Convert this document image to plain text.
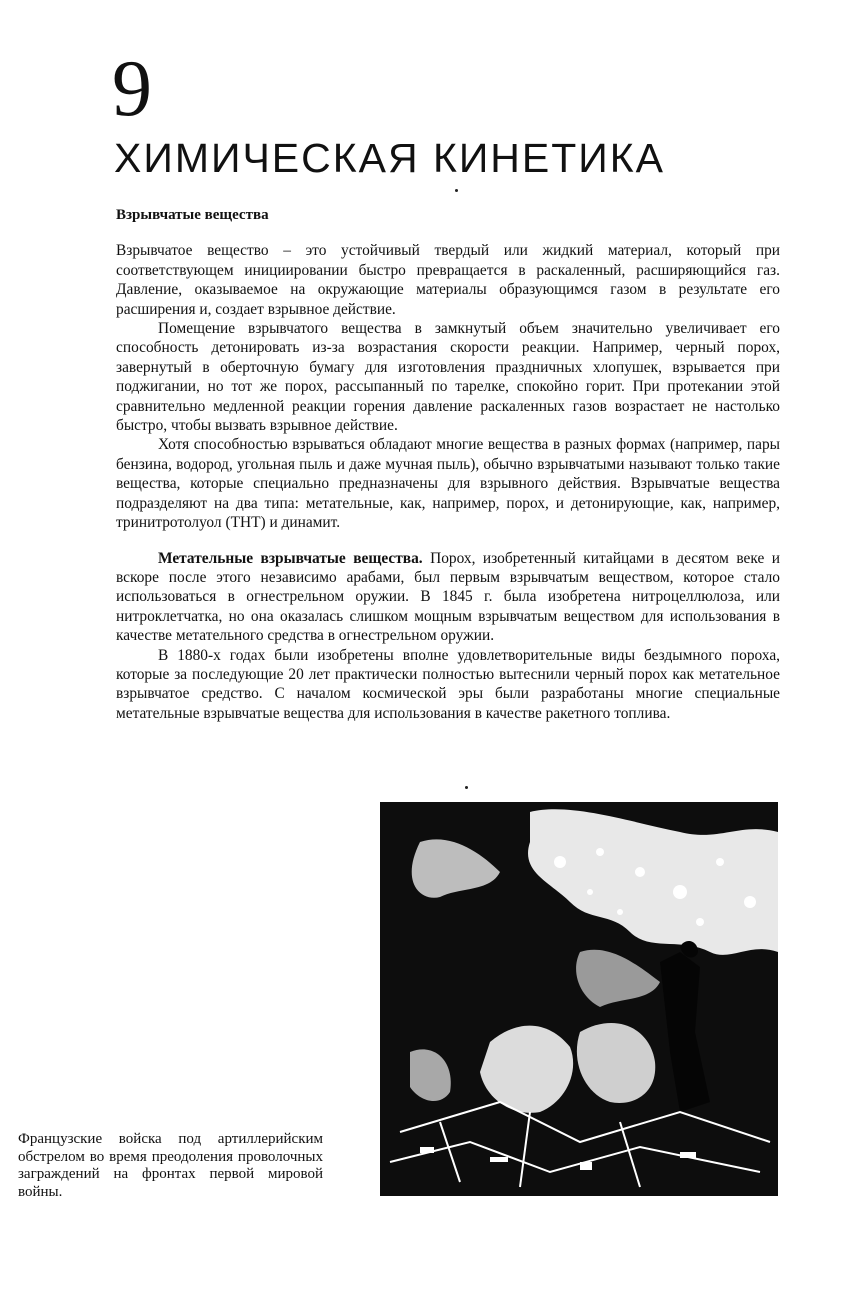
9
ХИМИЧЕСКАЯ КИНЕТИКА
Взрывчатые вещества

Взрывчатое вещество – это устойчивый твердый или жидкий материал, который при соответствующем инициировании быстро превращается в раскаленный, расширяющийся газ. Давление, оказываемое на окружающие материалы образующимся газом в результате его расширения и, создает взрывное действие.

Помещение взрывчатого вещества в замкнутый объем значительно увеличивает его способность детонировать из-за возрастания скорости реакции. Например, черный порох, завернутый в оберточную бумагу для изготовления праздничных хлопушек, взрывается при поджигании, но тот же порох, рассыпанный по тарелке, спокойно горит. При протекании этой сравнительно медленной реакции горения давление раскаленных газов возрастает не настолько быстро, чтобы вызвать взрывное действие.

Хотя способностью взрываться обладают многие вещества в разных формах (например, пары бензина, водород, угольная пыль и даже мучная пыль), обычно взрывчатыми называют только такие вещества, которые специально предназначены для взрывного действия. Взрывчатые вещества подразделяют на два типа: метательные, как, например, порох, и детонирующие, как, например, тринитротолуол (ТНТ) и динамит.

Метательные взрывчатые вещества. Порох, изобретенный китайцами в десятом веке и вскоре после этого независимо арабами, был первым взрывчатым веществом, которое стало использоваться в огнестрельном оружии. В 1845 г. была изобретена нитроцеллюлоза, или нитроклетчатка, но она оказалась слишком мощным взрывчатым веществом для использования в качестве метательного средства в огнестрельном оружии.

В 1880-х годах были изобретены вполне удовлетворительные виды бездымного пороха, которые за последующие 20 лет практически полностью вытеснили черный порох как метательное взрывчатое средство. С началом космической эры были разработаны многие специальные метательные взрывчатые вещества для использования в качестве ракетного топлива.

Французские войска под артиллерийским обстрелом во время преодоления проволочных заграждений на фронтах первой мировой войны.
